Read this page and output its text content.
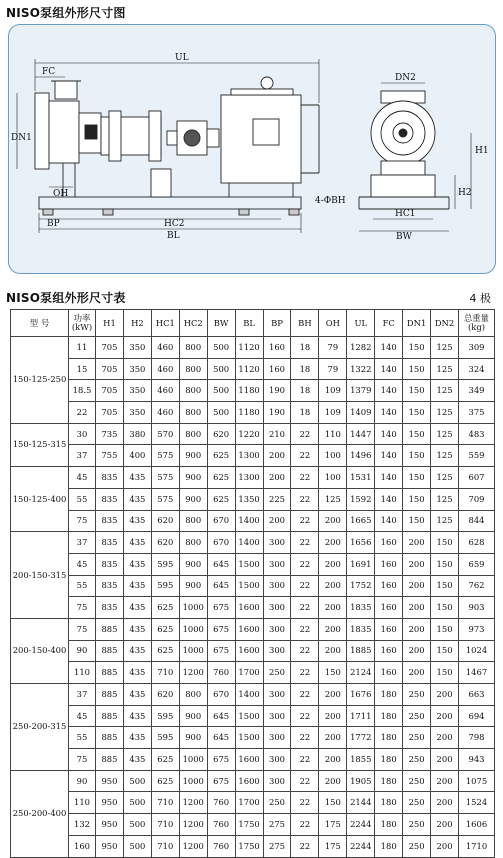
NISO泵组外形尺寸图
UL
FC
DN1
OH
BP	HC2
BL
DN2
H1
H2
4-ΦBH
HC1
BW
NISO泵组外形尺寸表	4 极
型 号	功率
(kW)	H1	H2	HC1	HC2	BW	BL	BP	BH	OH	UL	FC	DN1	DN2	总重量
(kg)
150-125-250	11	705	350	460	800	500	1120	160	18	79	1282	140	150	125	309
	15	705	350	460	800	500	1120	160	18	79	1322	140	150	125	324
	18.5	705	350	460	800	500	1180	190	18	109	1379	140	150	125	349
	22	705	350	460	800	500	1180	190	18	109	1409	140	150	125	375
150-125-315	30	735	380	570	800	620	1220	210	22	110	1447	140	150	125	483
	37	755	400	575	900	625	1300	200	22	100	1496	140	150	125	559
150-125-400	45	835	435	575	900	625	1300	200	22	100	1531	140	150	125	607
	55	835	435	575	900	625	1350	225	22	125	1592	140	150	125	709
	75	835	435	620	800	670	1400	200	22	200	1665	140	150	125	844
200-150-315	37	835	435	620	800	670	1400	300	22	200	1656	160	200	150	628
	45	835	435	595	900	645	1500	300	22	200	1691	160	200	150	659
	55	835	435	595	900	645	1500	300	22	200	1752	160	200	150	762
	75	835	435	625	1000	675	1600	300	22	200	1835	160	200	150	903
200-150-400	75	885	435	625	1000	675	1600	300	22	200	1835	160	200	150	973
	90	885	435	625	1000	675	1600	300	22	200	1885	160	200	150	1024
	110	885	435	710	1200	760	1700	250	22	150	2124	160	200	150	1467
250-200-315	37	885	435	620	800	670	1400	300	22	200	1676	180	250	200	663
	45	885	435	595	900	645	1500	300	22	200	1711	180	250	200	694
	55	885	435	595	900	645	1500	300	22	200	1772	180	250	200	798
	75	885	435	625	1000	675	1600	300	22	200	1855	180	250	200	943
250-200-400	90	950	500	625	1000	675	1600	300	22	200	1905	180	250	200	1075
	110	950	500	710	1200	760	1700	250	22	150	2144	180	250	200	1524
	132	950	500	710	1200	760	1750	275	22	175	2244	180	250	200	1606
	160	950	500	710	1200	760	1750	275	22	175	2244	180	250	200	1710
